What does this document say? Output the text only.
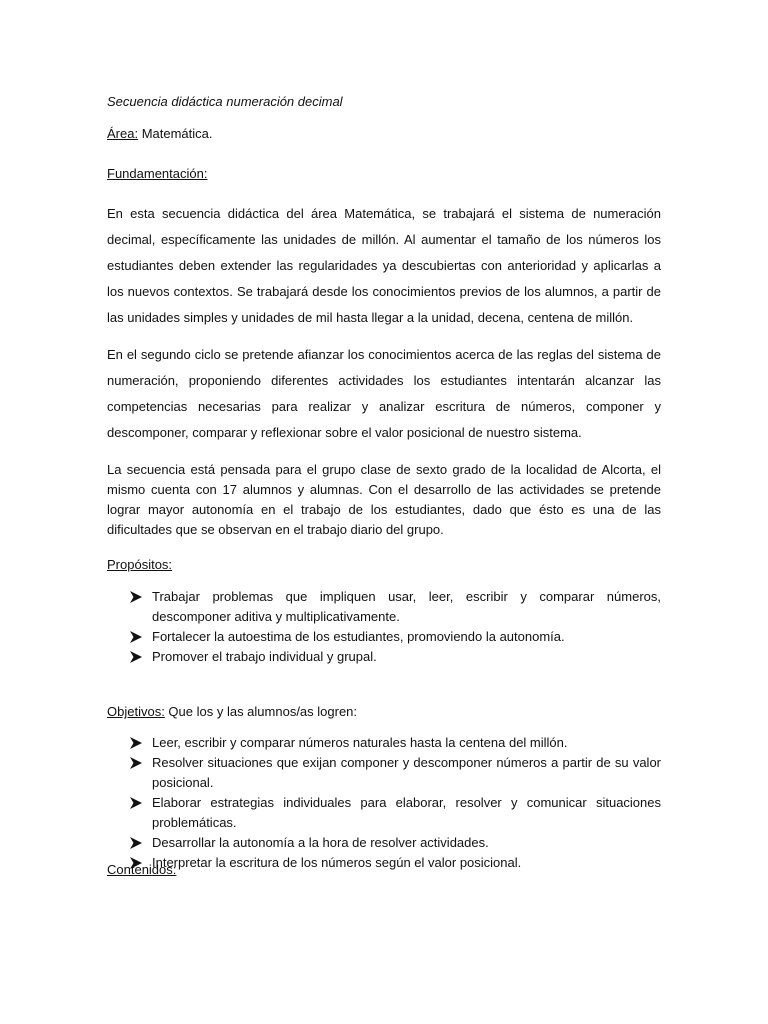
Secuencia didáctica numeración decimal

Área: Matemática.

Fundamentación:

En esta secuencia didáctica del área Matemática, se trabajará el sistema de numeración decimal, específicamente las unidades de millón. Al aumentar el tamaño de los números los estudiantes deben extender las regularidades ya descubiertas con anterioridad y aplicarlas a los nuevos contextos. Se trabajará desde los conocimientos previos de los alumnos, a partir de las unidades simples y unidades de mil hasta llegar a la unidad, decena, centena de millón.

En el segundo ciclo se pretende afianzar los conocimientos acerca de las reglas del sistema de numeración, proponiendo diferentes actividades los estudiantes intentarán alcanzar las competencias necesarias para realizar y analizar escritura de números, componer y descomponer, comparar y reflexionar sobre el valor posicional de nuestro sistema.

La secuencia está pensada para el grupo clase de sexto grado de la localidad de Alcorta, el mismo cuenta con 17 alumnos y alumnas. Con el desarrollo de las actividades se pretende lograr mayor autonomía en el trabajo de los estudiantes, dado que ésto es una de las dificultades que se observan en el trabajo diario del grupo.

Propósitos:

Trabajar problemas que impliquen usar, leer, escribir y comparar números, descomponer aditiva y multiplicativamente.
Fortalecer la autoestima de los estudiantes, promoviendo la autonomía.
Promover el trabajo individual y grupal.

Objetivos: Que los y las alumnos/as logren:

Leer, escribir y comparar números naturales hasta la centena del millón.
Resolver situaciones que exijan componer y descomponer números a partir de su valor posicional.
Elaborar estrategias individuales para elaborar, resolver y comunicar situaciones problemáticas.
Desarrollar la autonomía a la hora de resolver actividades.
Interpretar la escritura de los números según el valor posicional.

Contenidos:
